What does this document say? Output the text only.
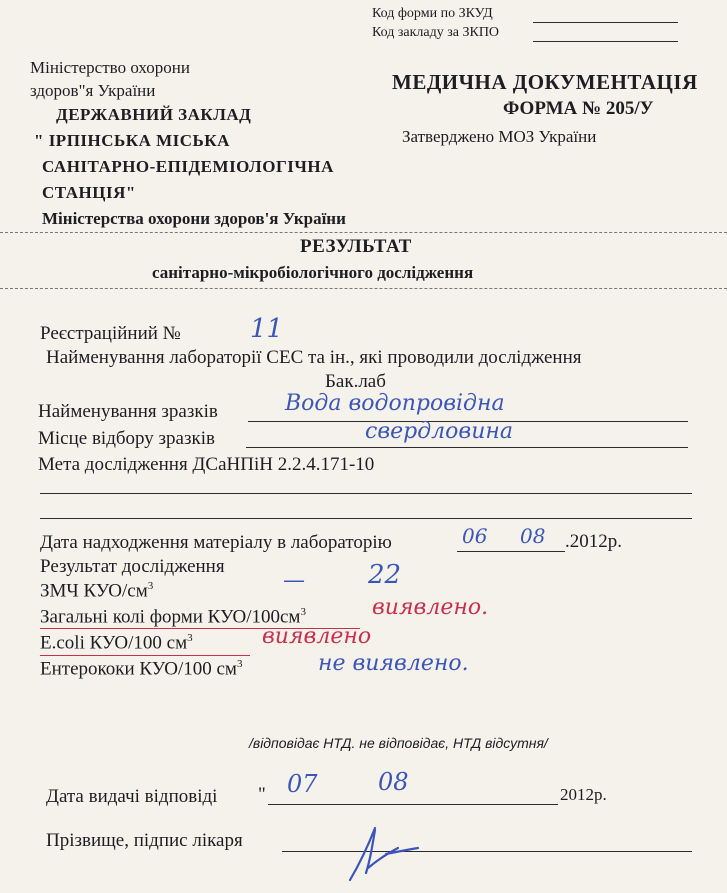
Код форми по ЗКУД
Код закладу за ЗКПО
Міністерство охорони
здоров"я України
ДЕРЖАВНИЙ ЗАКЛАД
" ІРПІНСЬКА МІСЬКА
САНІТАРНО-ЕПІДЕМІОЛОГІЧНА
СТАНЦІЯ"
Міністерства охорони здоров'я України
МЕДИЧНА ДОКУМЕНТАЦІЯ
ФОРМА № 205/У
Затверджено МОЗ України
РЕЗУЛЬТАТ
санітарно-мікробіологічного дослідження
Реєстраційний №	11
Найменування лабораторії СЕС та ін., які проводили дослідження
Бак.лаб
Найменування зразків	Вода водопровідна
Місце відбору зразків	свердловина
Мета дослідження ДСаНПіН 2.2.4.171-10
Дата надходження матеріалу в лабораторію	06 08 .2012р.
Результат дослідження
ЗМЧ КУО/$см^3$	— 22
Загальні колі форми КУО/$100см^3$	виявлено.
E.coli КУО/100 $см^3$	виявлено
Ентерококи КУО/100 $см^3$	не виявлено.
/відповідає НТД. не відповідає, НТД відсутня/
Дата видачі відповіді " 07	08	2012р.
Прізвище, підпис лікаря
